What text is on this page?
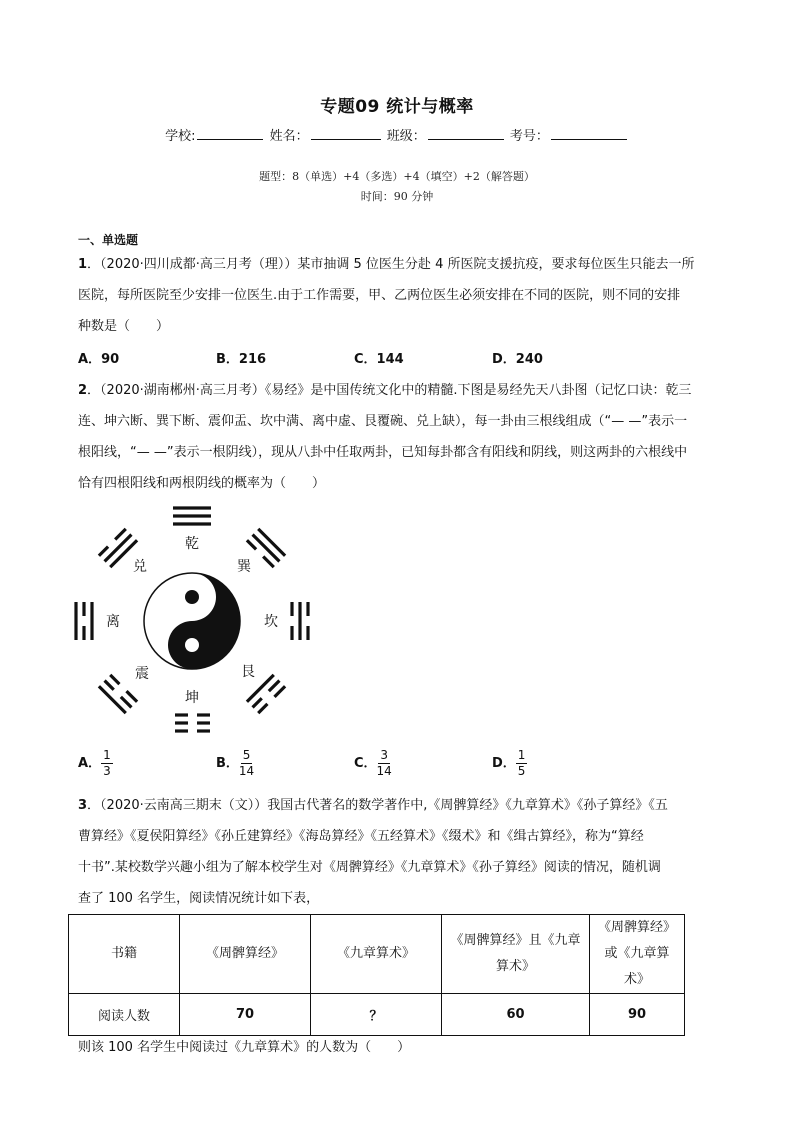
专题09 统计与概率
学校:	姓名：	班级：	考号：
题型：8（单选）+4（多选）+4（填空）+2（解答题）
时间：90 分钟
一、单选题
1．（2020·四川成都·高三月考（理））某市抽调 5 位医生分赴 4 所医院支援抗疫，要求每位医生只能去一所
医院，每所医院至少安排一位医生.由于工作需要，甲、乙两位医生必须安排在不同的医院，则不同的安排
种数是（　　）
A．90	B．216	C．144	D．240
2．（2020·湖南郴州·高三月考）《易经》是中国传统文化中的精髓.下图是易经先天八卦图（记忆口诀：乾三
连、坤六断、巽下断、震仰盂、坎中满、离中虚、艮覆碗、兑上缺），每一卦由三根线组成（“— —”表示一
根阳线，“— —”表示一根阴线），现从八卦中任取两卦，已知每卦都含有阳线和阴线，则这两卦的六根线中
恰有四根阳线和两根阴线的概率为（　　）
乾
巽
坎
艮
坤
震
离
兑
A． $\frac{1}{3}$	B． $\frac{5}{14}$	C． $\frac{3}{14}$	D． $\frac{1}{5}$
3．（2020·云南高三期末（文））我国古代著名的数学著作中,《周髀算经》《九章算术》《孙子算经》《五
曹算经》《夏侯阳算经》《孙丘建算经》《海岛算经》《五经算术》《缀术》和《缉古算经》，称为“算经
十书”.某校数学兴趣小组为了解本校学生对《周髀算经》《九章算术》《孙子算经》阅读的情况，随机调
查了 100 名学生，阅读情况统计如下表，
书籍	《周髀算经》	《九章算术》	《周髀算经》且《九章算术》	《周髀算经》或《九章算术》
阅读人数	70	？	60	90
则该 100 名学生中阅读过《九章算术》的人数为（　　）
